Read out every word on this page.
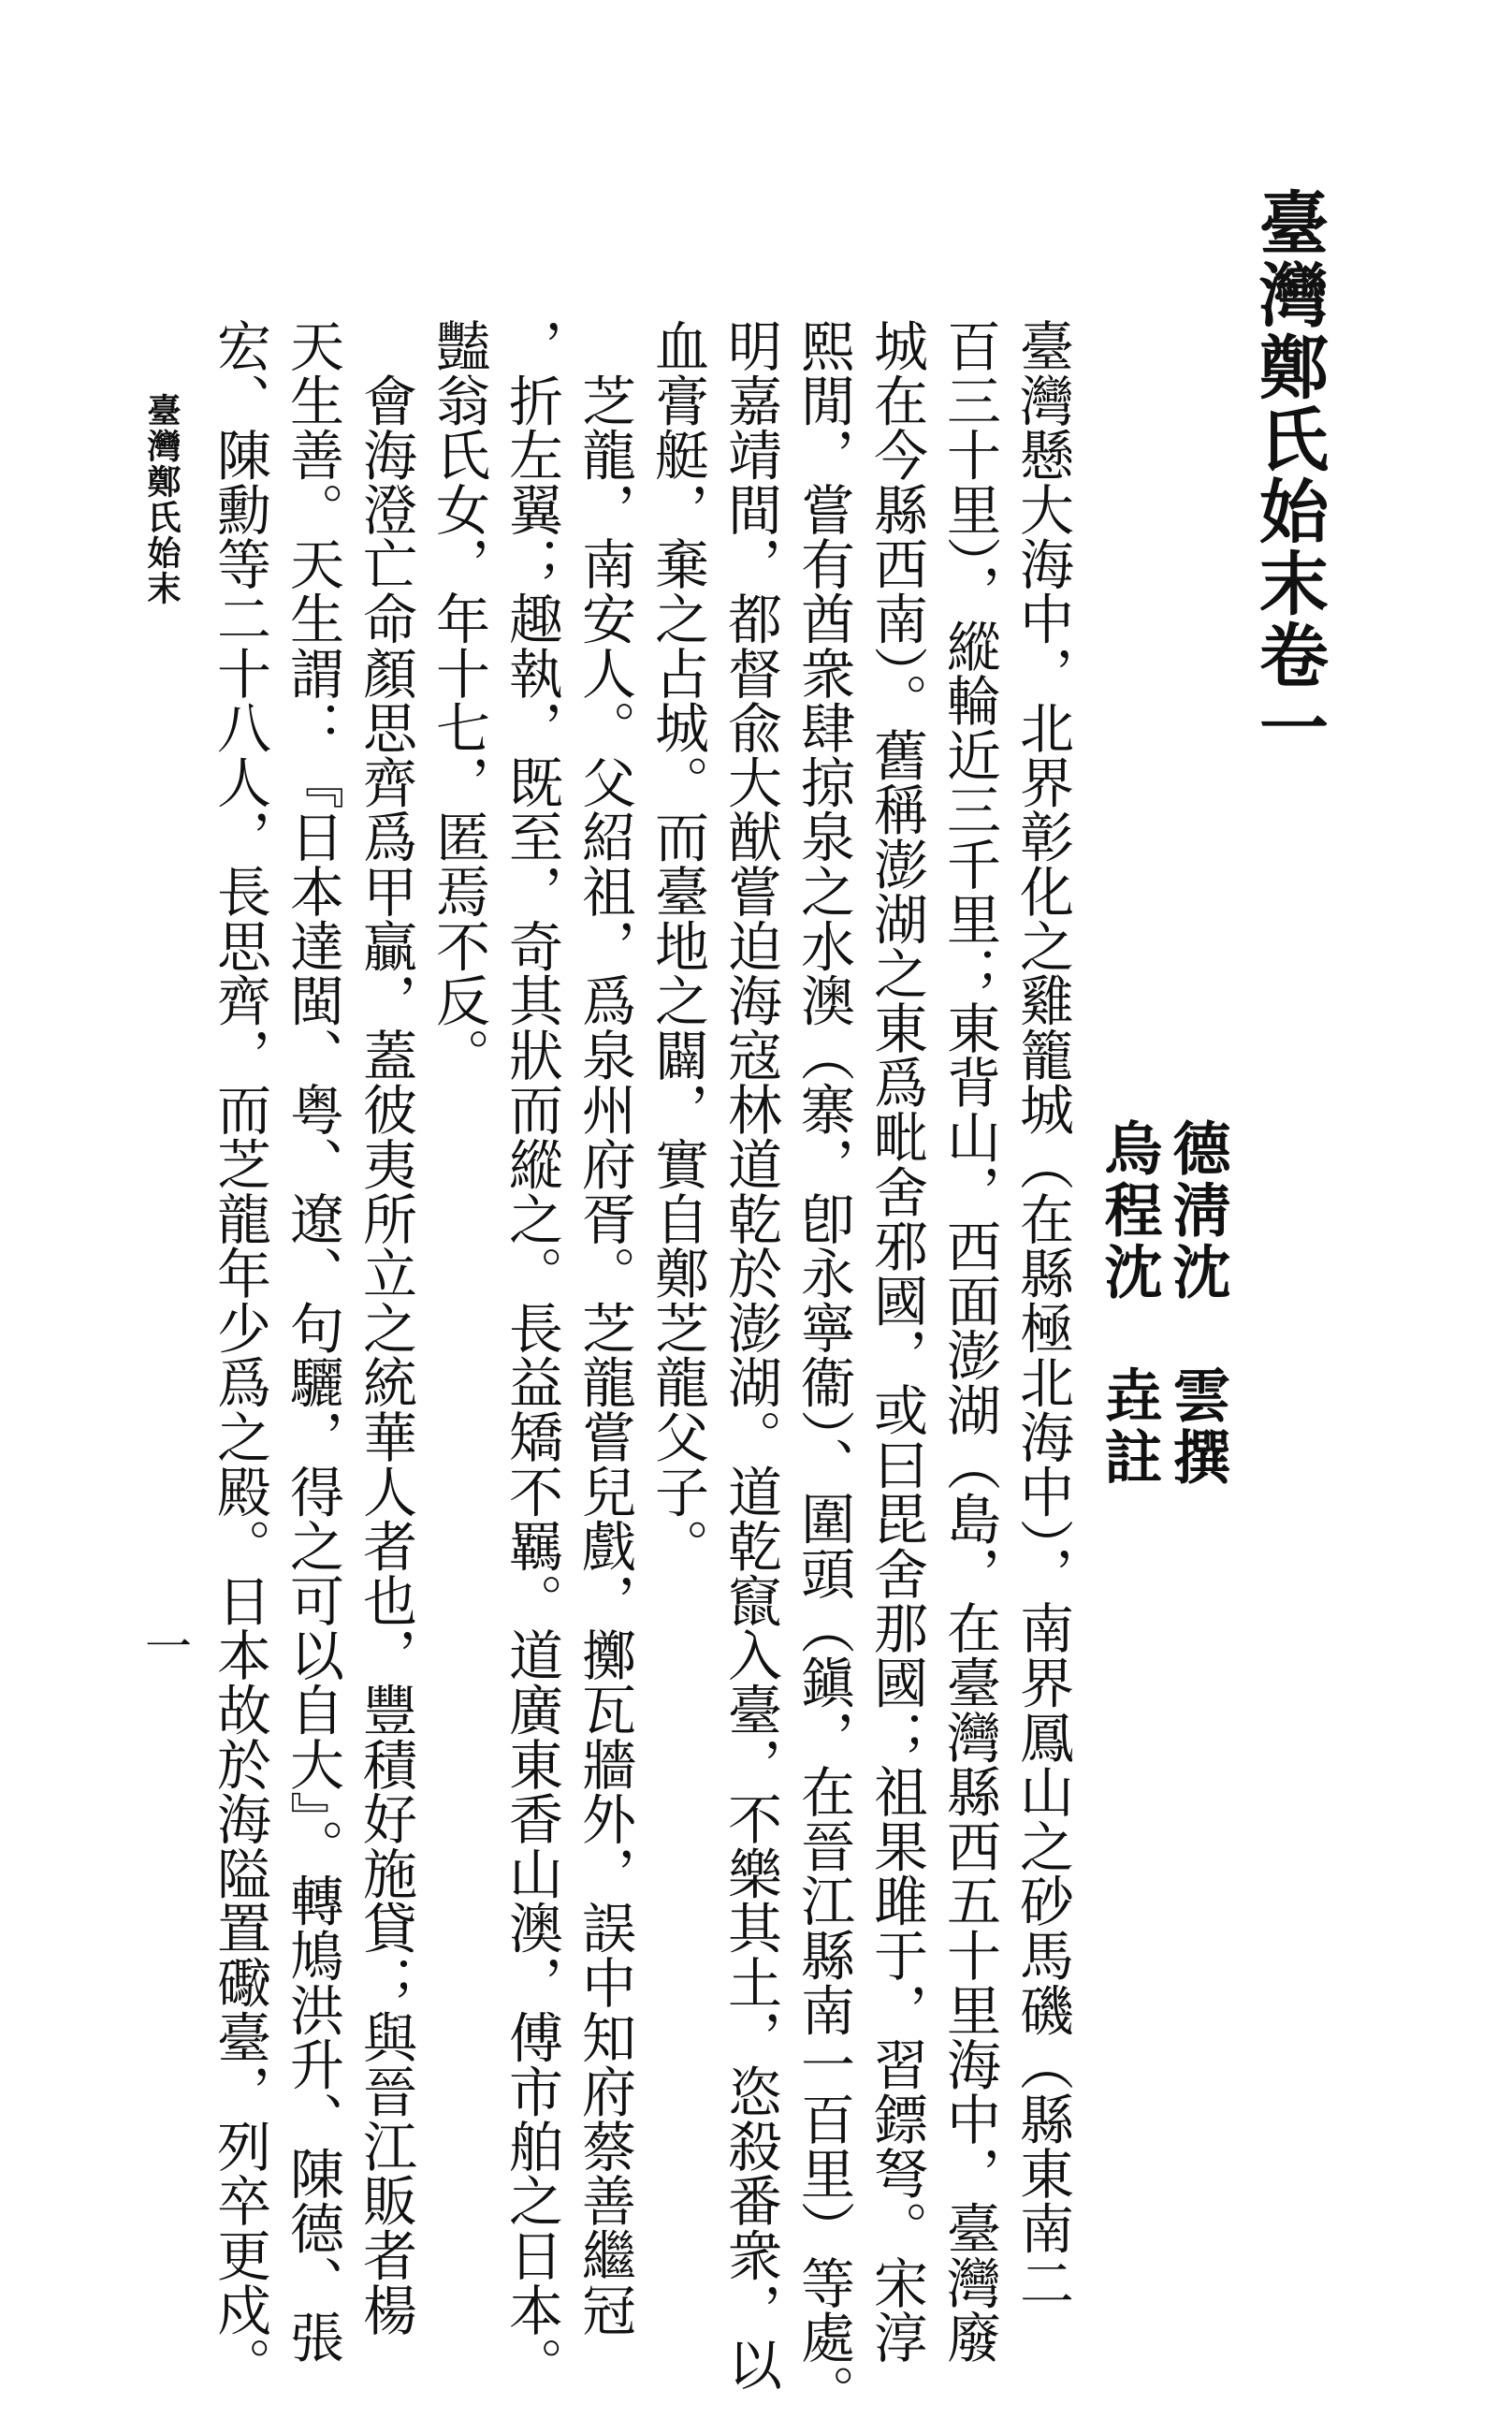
臺灣鄭氏始末卷一
德淸沈　雲撰
烏程沈　垚註
臺灣懸大海中，北界彰化之雞籠城（在縣極北海中），南界鳳山之砂馬磯（縣東南二
百三十里），縱輪近三千里；東背山，西面澎湖（島，在臺灣縣西五十里海中，臺灣廢
城在今縣西南）。舊稱澎湖之東爲毗舍邪國，或曰毘舍那國；祖果雎于，習鏢弩。宋淳
熙閒，嘗有酋衆肆掠泉之水澳（寨，卽永寧衞）、圍頭（鎭，在晉江縣南一百里）等處。
明嘉靖間，都督兪大猷嘗迫海寇林道乾於澎湖。道乾竄入臺，不樂其土，恣殺番衆，以
血膏艇，棄之占城。而臺地之闢，實自鄭芝龍父子。
　芝龍，南安人。父紹祖，爲泉州府胥。芝龍嘗兒戲，擲瓦牆外，誤中知府蔡善繼冠
，折左翼；趣執，既至，奇其狀而縱之。長益矯不羈。道廣東香山澳，傅市舶之日本。
豔翁氏女，年十七，匿焉不反。
　會海澄亡命顏思齊爲甲贏，蓋彼夷所立之統華人者也，豐積好施貸；與晉江販者楊
天生善。天生謂：『日本達閩、粤、遼、句驪，得之可以自大』。轉鳩洪升、陳德、張
宏、陳勳等二十八人，長思齊，而芝龍年少爲之殿。日本故於海隘置礮臺，列卒更戍。
臺灣鄭氏始末
一
